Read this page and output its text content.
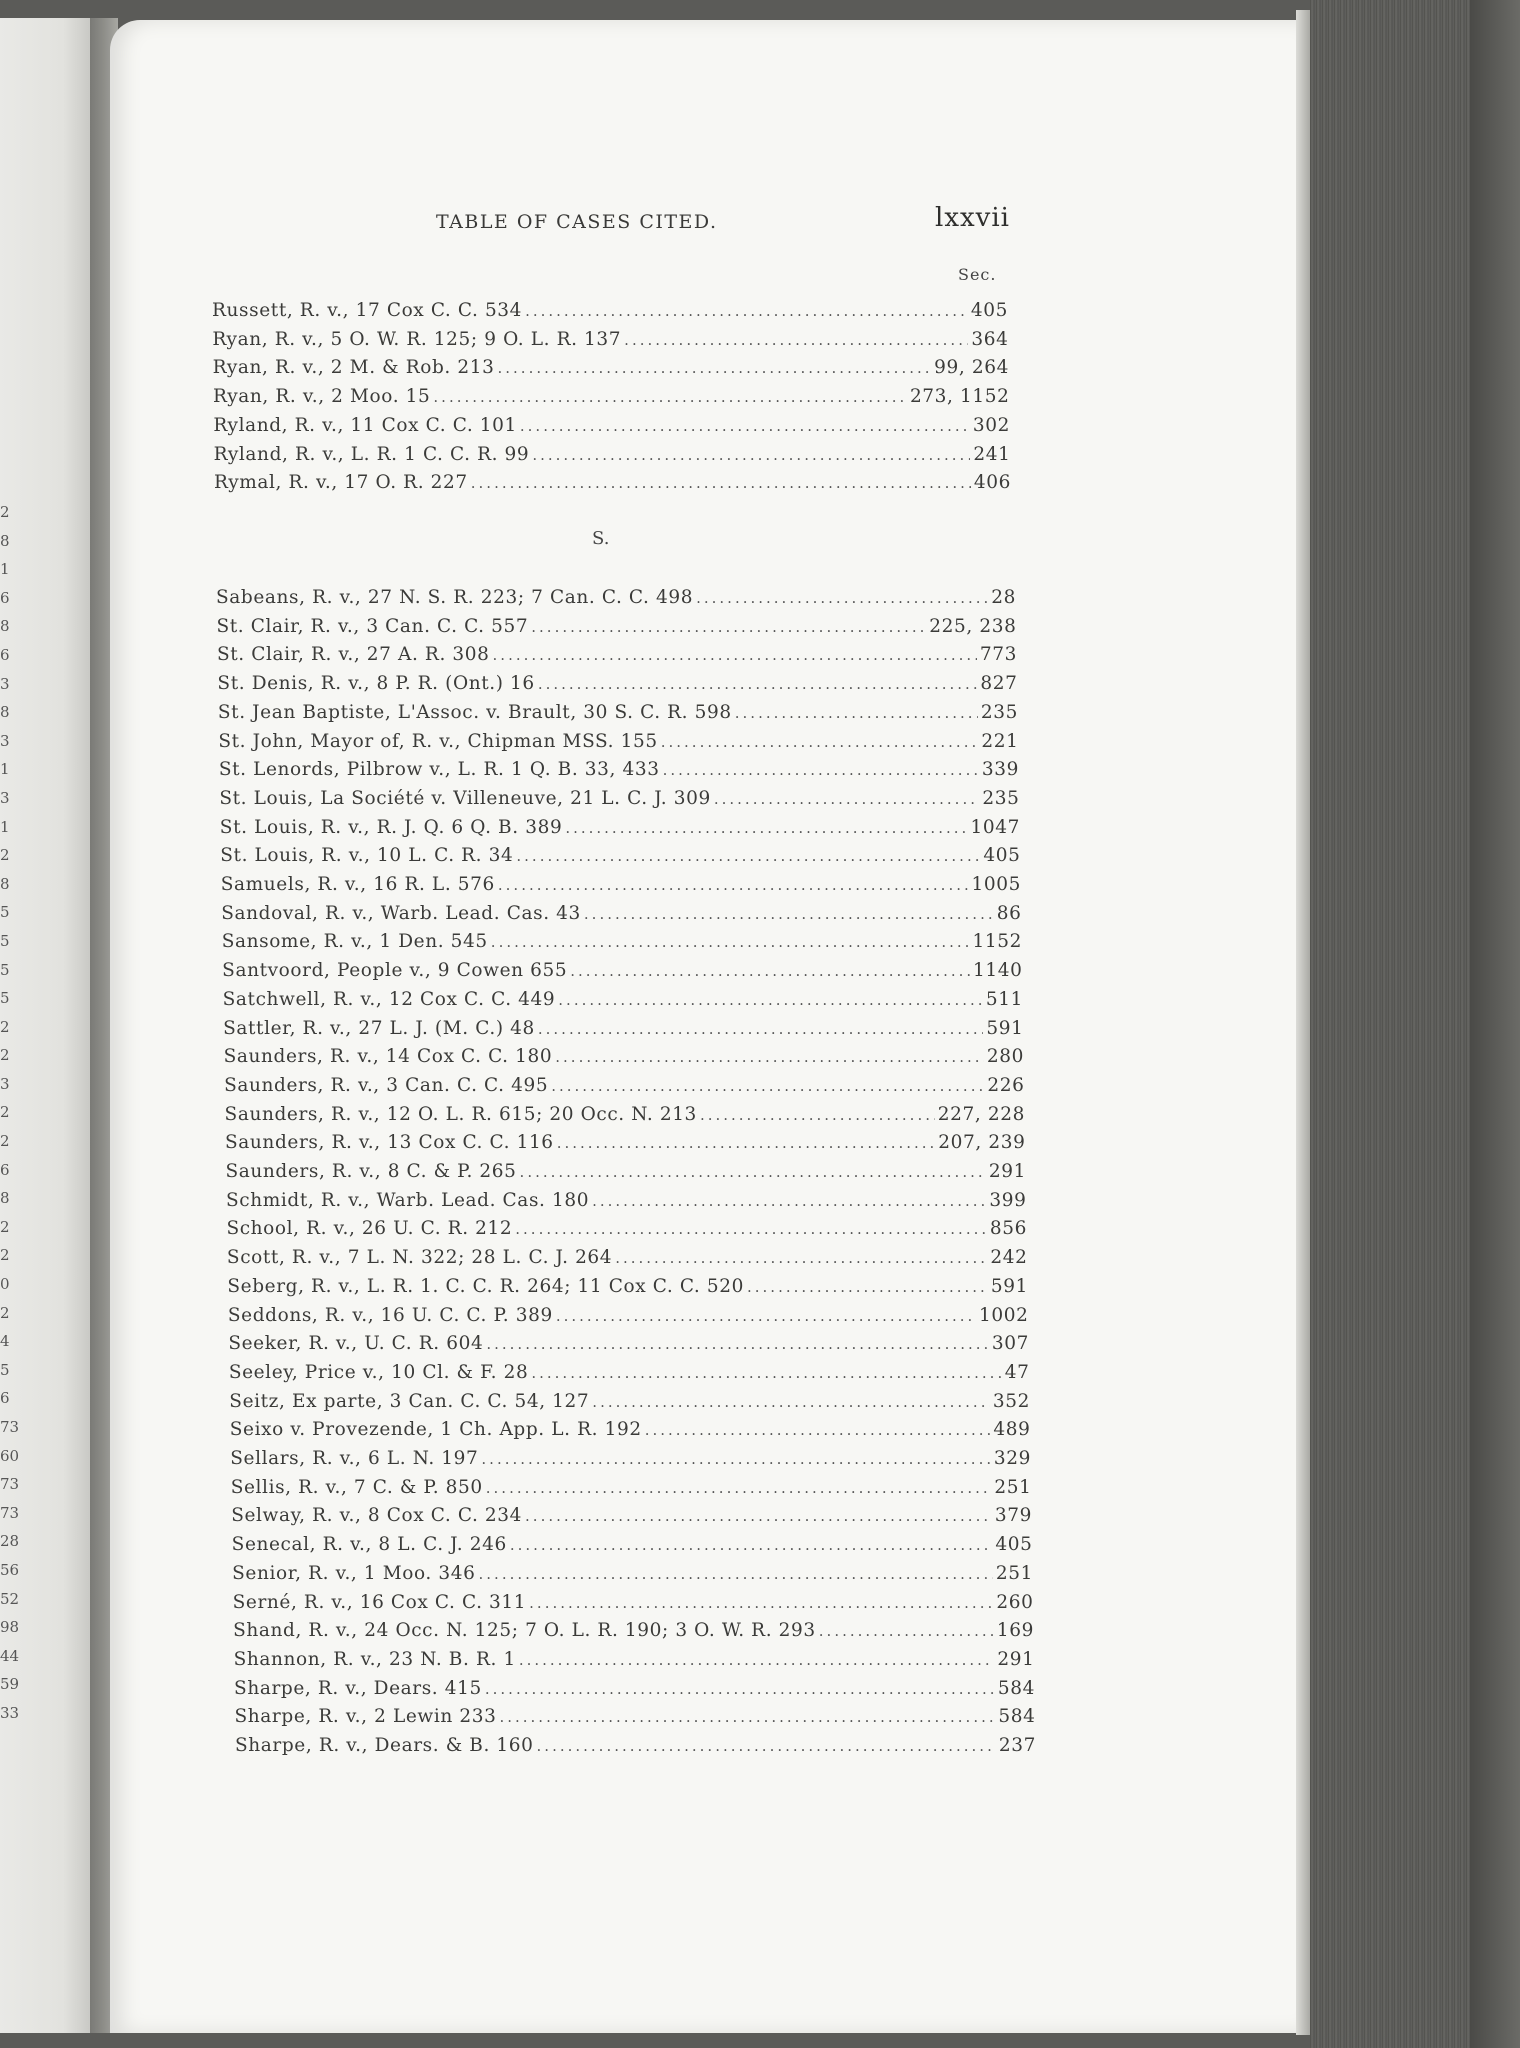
2
8
1
6
8
6
3
8
3
1
3
1
2
8
5
5
5
5
2
2
3
2
2
6
8
2
2
0
2
4
5
6
73
60
73
73
28
56
52
98
44
59
33
TABLE OF CASES CITED.	lxxvii
Sec.
S.
Russett, R. v., 17 Cox C. C. 534 .....	405
Ryan, R. v., 5 O. W. R. 125; 9 O. L. R. 137 .....	364
Ryan, R. v., 2 M. & Rob. 213 .....	99, 264
Ryan, R. v., 2 Moo. 15 .....	273, 1152
Ryland, R. v., 11 Cox C. C. 101 .....	302
Ryland, R. v., L. R. 1 C. C. R. 99 .....	241
Rymal, R. v., 17 O. R. 227 .....	406
Sabeans, R. v., 27 N. S. R. 223; 7 Can. C. C. 498 .....	28
St. Clair, R. v., 3 Can. C. C. 557 .....	225, 238
St. Clair, R. v., 27 A. R. 308 .....	773
St. Denis, R. v., 8 P. R. (Ont.) 16 .....	827
St. Jean Baptiste, L'Assoc. v. Brault, 30 S. C. R. 598 .....	235
St. John, Mayor of, R. v., Chipman MSS. 155 .....	221
St. Lenords, Pilbrow v., L. R. 1 Q. B. 33, 433 .....	339
St. Louis, La Société v. Villeneuve, 21 L. C. J. 309 .....	235
St. Louis, R. v., R. J. Q. 6 Q. B. 389 .....	1047
St. Louis, R. v., 10 L. C. R. 34 .....	405
Samuels, R. v., 16 R. L. 576 .....	1005
Sandoval, R. v., Warb. Lead. Cas. 43 .....	86
Sansome, R. v., 1 Den. 545 .....	1152
Santvoord, People v., 9 Cowen 655 .....	1140
Satchwell, R. v., 12 Cox C. C. 449 .....	511
Sattler, R. v., 27 L. J. (M. C.) 48 .....	591
Saunders, R. v., 14 Cox C. C. 180 .....	280
Saunders, R. v., 3 Can. C. C. 495 .....	226
Saunders, R. v., 12 O. L. R. 615; 20 Occ. N. 213 .....	227, 228
Saunders, R. v., 13 Cox C. C. 116 .....	207, 239
Saunders, R. v., 8 C. & P. 265 .....	291
Schmidt, R. v., Warb. Lead. Cas. 180 .....	399
School, R. v., 26 U. C. R. 212 .....	856
Scott, R. v., 7 L. N. 322; 28 L. C. J. 264 .....	242
Seberg, R. v., L. R. 1. C. C. R. 264; 11 Cox C. C. 520 .....	591
Seddons, R. v., 16 U. C. C. P. 389 .....	1002
Seeker, R. v., U. C. R. 604 .....	307
Seeley, Price v., 10 Cl. & F. 28 .....	47
Seitz, Ex parte, 3 Can. C. C. 54, 127 .....	352
Seixo v. Provezende, 1 Ch. App. L. R. 192 .....	489
Sellars, R. v., 6 L. N. 197 .....	329
Sellis, R. v., 7 C. & P. 850 .....	251
Selway, R. v., 8 Cox C. C. 234 .....	379
Senecal, R. v., 8 L. C. J. 246 .....	405
Senior, R. v., 1 Moo. 346 .....	251
Serné, R. v., 16 Cox C. C. 311 .....	260
Shand, R. v., 24 Occ. N. 125; 7 O. L. R. 190; 3 O. W. R. 293 .....	169
Shannon, R. v., 23 N. B. R. 1 .....	291
Sharpe, R. v., Dears. 415 .....	584
Sharpe, R. v., 2 Lewin 233 .....	584
Sharpe, R. v., Dears. & B. 160 .....	237
